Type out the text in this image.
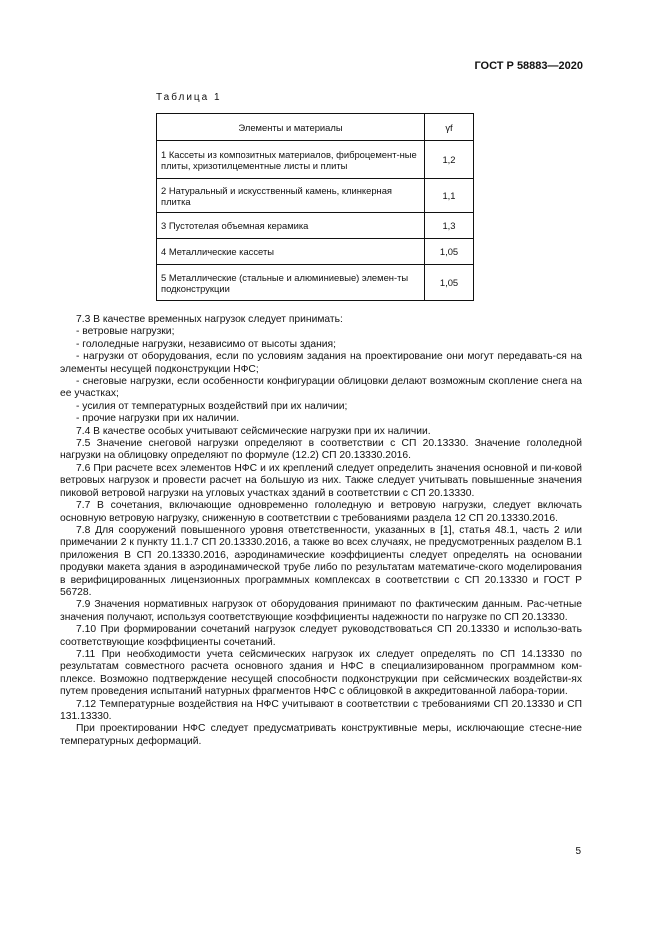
ГОСТ Р 58883—2020
Таблица 1
Элементы и материалы	γf
1 Кассеты из композитных материалов, фиброцемент-ные плиты, хризотилцементные листы и плиты	1,2
2 Натуральный и искусственный камень, клинкерная плитка	1,1
3 Пустотелая объемная керамика	1,3
4 Металлические кассеты	1,05
5 Металлические (стальные и алюминиевые) элемен-ты подконструкции	1,05

7.3 В качестве временных нагрузок следует принимать:

- ветровые нагрузки;

- гололедные нагрузки, независимо от высоты здания;

- нагрузки от оборудования, если по условиям задания на проектирование они могут передавать-ся на элементы несущей подконструкции НФС;

- снеговые нагрузки, если особенности конфигурации облицовки делают возможным скопление снега на ее участках;

- усилия от температурных воздействий при их наличии;

- прочие нагрузки при их наличии.

7.4 В качестве особых учитывают сейсмические нагрузки при их наличии.

7.5 Значение снеговой нагрузки определяют в соответствии с СП 20.13330. Значение гололедной нагрузки на облицовку определяют по формуле (12.2) СП 20.13330.2016.

7.6 При расчете всех элементов НФС и их креплений следует определить значения основной и пи-ковой ветровых нагрузок и провести расчет на большую из них. Также следует учитывать повышенные значения пиковой ветровой нагрузки на угловых участках зданий в соответствии с СП 20.13330.

7.7 В сочетания, включающие одновременно гололедную и ветровую нагрузки, следует включать основную ветровую нагрузку, сниженную в соответствии с требованиями раздела 12 СП 20.13330.2016.

7.8 Для сооружений повышенного уровня ответственности, указанных в [1], статья 48.1, часть 2 или примечании 2 к пункту 11.1.7 СП 20.13330.2016, а также во всех случаях, не предусмотренных разделом В.1 приложения В СП 20.13330.2016, аэродинамические коэффициенты следует определять на основании продувки макета здания в аэродинамической трубе либо по результатам математиче-ского моделирования в верифицированных лицензионных программных комплексах в соответствии с СП 20.13330 и ГОСТ Р 56728.

7.9 Значения нормативных нагрузок от оборудования принимают по фактическим данным. Рас-четные значения получают, используя соответствующие коэффициенты надежности по нагрузке по СП 20.13330.

7.10 При формировании сочетаний нагрузок следует руководствоваться СП 20.13330 и использо-вать соответствующие коэффициенты сочетаний.

7.11 При необходимости учета сейсмических нагрузок их следует определять по СП 14.13330 по результатам совместного расчета основного здания и НФС в специализированном программном ком-плексе. Возможно подтверждение несущей способности подконструкции при сейсмических воздействи-ях путем проведения испытаний натурных фрагментов НФС с облицовкой в аккредитованной лабора-тории.

7.12 Температурные воздействия на НФС учитывают в соответствии с требованиями СП 20.13330 и СП 131.13330.

При проектировании НФС следует предусматривать конструктивные меры, исключающие стесне-ние температурных деформаций.

5
